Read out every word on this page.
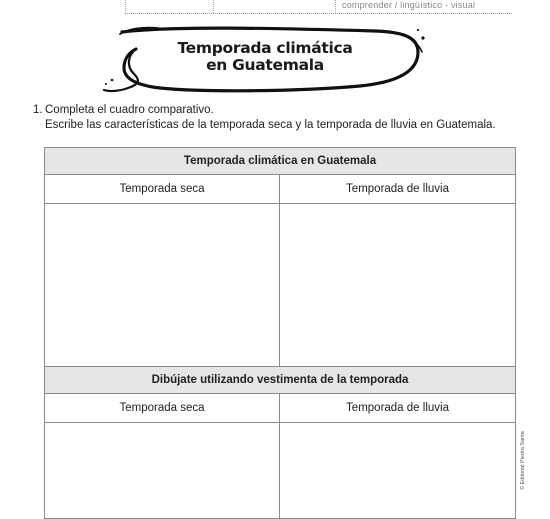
comprender / lingüístico - visual
Temporada climática
en Guatemala
1. Completa el cuadro comparativo.
Escribe las características de la temporada seca y la temporada de lluvia en Guatemala.
Temporada climática en Guatemala	
Temporada seca	Temporada de lluvia

Dibújate utilizando vestimenta de la temporada	
Temporada seca	Temporada de lluvia

© Editorial Piedra Santa
